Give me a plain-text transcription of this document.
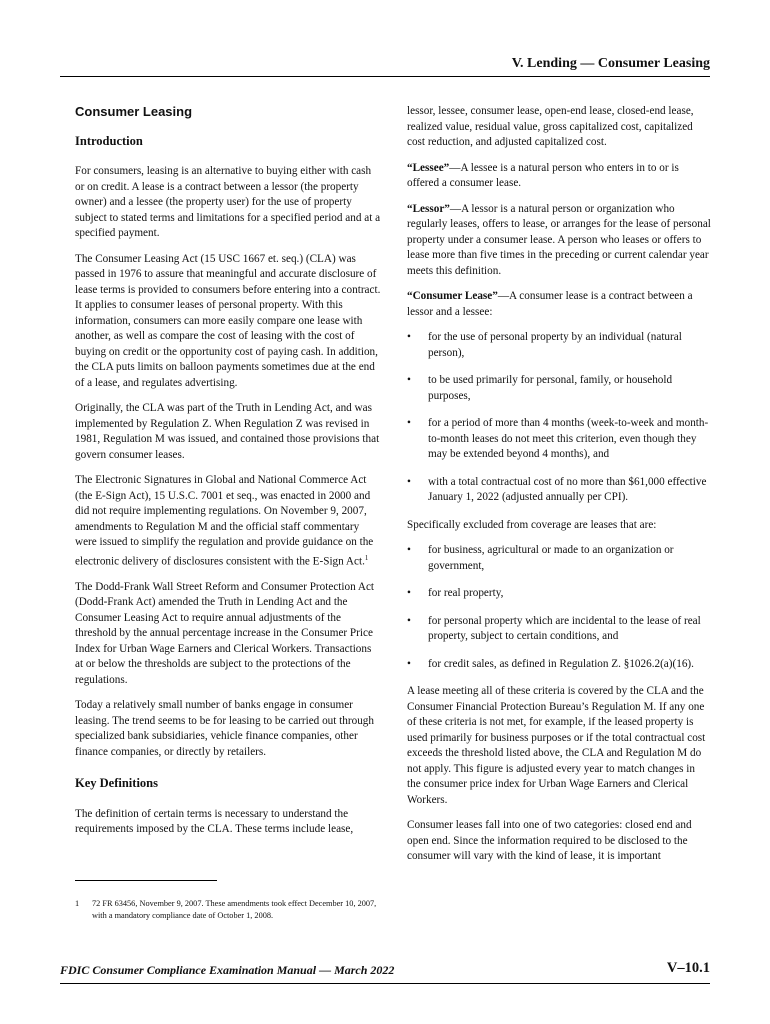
V. Lending — Consumer Leasing
Consumer Leasing
Introduction

For consumers, leasing is an alternative to buying either with cash or on credit. A lease is a contract between a lessor (the property owner) and a lessee (the property user) for the use of property subject to stated terms and limitations for a specified period and at a specified payment.

The Consumer Leasing Act (15 USC 1667 et. seq.) (CLA) was passed in 1976 to assure that meaningful and accurate disclosure of lease terms is provided to consumers before entering into a contract. It applies to consumer leases of personal property. With this information, consumers can more easily compare one lease with another, as well as compare the cost of leasing with the cost of buying on credit or the opportunity cost of paying cash. In addition, the CLA puts limits on balloon payments sometimes due at the end of a lease, and regulates advertising.

Originally, the CLA was part of the Truth in Lending Act, and was implemented by Regulation Z. When Regulation Z was revised in 1981, Regulation M was issued, and contained those provisions that govern consumer leases.

The Electronic Signatures in Global and National Commerce Act (the E-Sign Act), 15 U.S.C. 7001 et seq., was enacted in 2000 and did not require implementing regulations. On November 9, 2007, amendments to Regulation M and the official staff commentary were issued to simplify the regulation and provide guidance on the electronic delivery of disclosures consistent with the E-Sign Act.$^1$

The Dodd-Frank Wall Street Reform and Consumer Protection Act (Dodd-Frank Act) amended the Truth in Lending Act and the Consumer Leasing Act to require annual adjustments of the threshold by the annual percentage increase in the Consumer Price Index for Urban Wage Earners and Clerical Workers. Transactions at or below the thresholds are subject to the protections of the regulations.

Today a relatively small number of banks engage in consumer leasing. The trend seems to be for leasing to be carried out through specialized bank subsidiaries, vehicle finance companies, other finance companies, or directly by retailers.

Key Definitions

The definition of certain terms is necessary to understand the requirements imposed by the CLA. These terms include lease,

lessor, lessee, consumer lease, open-end lease, closed-end lease, realized value, residual value, gross capitalized cost, capitalized cost reduction, and adjusted capitalized cost.

“Lessee”—A lessee is a natural person who enters in to or is offered a consumer lease.

“Lessor”—A lessor is a natural person or organization who regularly leases, offers to lease, or arranges for the lease of personal property under a consumer lease. A person who leases or offers to lease more than five times in the preceding or current calendar year meets this definition.

“Consumer Lease”—A consumer lease is a contract between a lessor and a lessee:

• for the use of personal property by an individual (natural person),
• to be used primarily for personal, family, or household purposes,
• for a period of more than 4 months (week-to-week and month-to-month leases do not meet this criterion, even though they may be extended beyond 4 months), and
• with a total contractual cost of no more than $61,000 effective January 1, 2022 (adjusted annually per CPI).

Specifically excluded from coverage are leases that are:

• for business, agricultural or made to an organization or government,
• for real property,
• for personal property which are incidental to the lease of real property, subject to certain conditions, and
• for credit sales, as defined in Regulation Z. §1026.2(a)(16).

A lease meeting all of these criteria is covered by the CLA and the Consumer Financial Protection Bureau’s Regulation M. If any one of these criteria is not met, for example, if the leased property is used primarily for business purposes or if the total contractual cost exceeds the threshold listed above, the CLA and Regulation M do not apply. This figure is adjusted every year to match changes in the consumer price index for Urban Wage Earners and Clerical Workers.

Consumer leases fall into one of two categories: closed end and open end. Since the information required to be disclosed to the consumer will vary with the kind of lease, it is important

1	72 FR 63456, November 9, 2007. These amendments took effect December 10, 2007, with a mandatory compliance date of October 1, 2008.
FDIC Consumer Compliance Examination Manual — March 2022	V–10.1
